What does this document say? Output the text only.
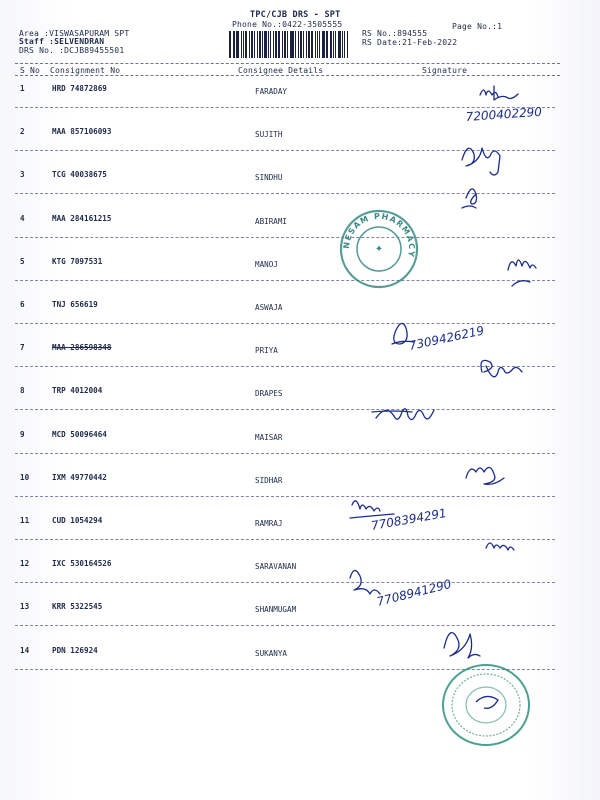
TPC/CJB DRS - SPT
Phone No.:0422-3505555	Page No.:1
Area :VISWASAPURAM SPT
Staff :SELVENDRAN
DRS No. :DCJB89455501
RS No.:894555
RS Date:21-Feb-2022
S No Consignment No	Consignee Details	Signature
1	HRD 74872869	FARADAY
2	MAA 857106093	SUJITH
3	TCG 40038675	SINDHU
4	MAA 284161215	ABIRAMI
5	KTG 7097531	MANOJ
6	TNJ 656619	ASWAJA
7	MAA 286598348	PRIYA
8	TRP 4012004	DRAPES
9	MCD 50096464	MAISAR
10	IXM 49770442	SIDHAR
11	CUD 1054294	RAMRAJ
12	IXC 530164526	SARAVANAN
13	KRR 5322545	SHANMUGAM
14	PDN 126924	SUKANYA
7200402290
7309426219
7708394291
7708941290
NESAM PHARMACY
✦
